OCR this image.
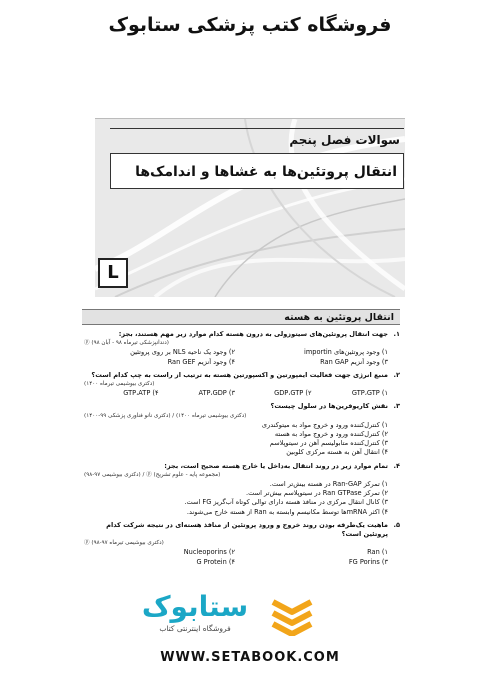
فروشگاه کتب پزشکی ستابوک
سوالات فصل پنجم
انتقال پروتئین‌ها به غشاها و اندامک‌ها
L
انتقال پروتئین به هسته
۱.
جهت انتقال پروتئین‌های سیتوزولی به درون هسته کدام موارد زیر مهم هستند، بجز:
(دندانپزشکی تیرماه ۹۸ - آبان ۹۸) ⓟ
۱) وجود پروتئین‌های importin
۲) وجود یک ناحیه NLS بر روی پروتئین
۳) وجود آنزیم Ran GAP
۴) وجود آنزیم Ran GEF
۲.
منبع انرژی جهت فعالیت ایمپورتین و اکسپورتین هسته به ترتیب از راست به چپ کدام است؟
(دکتری بیوشیمی تیرماه ۱۴۰۰)
GTP،GTP (۱
GDP،GTP (۲
ATP،GDP (۳
GTP،ATP (۴
۳.
نقش کاریوفرین‌ها در سلول چیست؟
(دکتری بیوشیمی تیرماه ۱۴۰۰) / (دکتری نانو فناوری پزشکی ۹۹-۱۴۰۰)
۱) کنترل‌کننده ورود و خروج مواد به میتوکندری
۲) کنترل‌کننده ورود و خروج مواد به هسته
۳) کنترل‌کننده متابولیسم آهن در سیتوپلاسم
۴) انتقال آهن به هسته مرکزی کلوبین
۴.
تمام موارد زیر در روند انتقال به‌داخل یا خارج هسته صحیح است، بجز:
(مجموعه پایه - علوم تشریح) ⓟ / (دکتری بیوشیمی ۹۷-۹۸)
۱) تمرکز Ran-GAP در هسته بیش‌تر است.
۲) تمرکز Ran GTPase در سیتوپلاسم بیش‌تر است.
۳) کانال انتقال مرکزی در منافذ هسته دارای توالی کوتاه آب‌گریز FG است.
۴) اکثر mRNAها توسط مکانیسم وابسته به Ran از هسته خارج می‌شوند.
۵.
ماهیت یک‌طرفه بودن روند خروج و ورود پروتئین از منافذ هسته‌ای در نتیجه شرکت کدام پروتئین است؟
(دکتری بیوشیمی تیرماه ۹۷-۹۸) ⓟ
۱) Ran
۲) Nucleoporins
۳) FG Porins
۴) G Protein
ستابوک
فروشگاه اینترنتی کتاب
WWW.SETABOOK.COM
